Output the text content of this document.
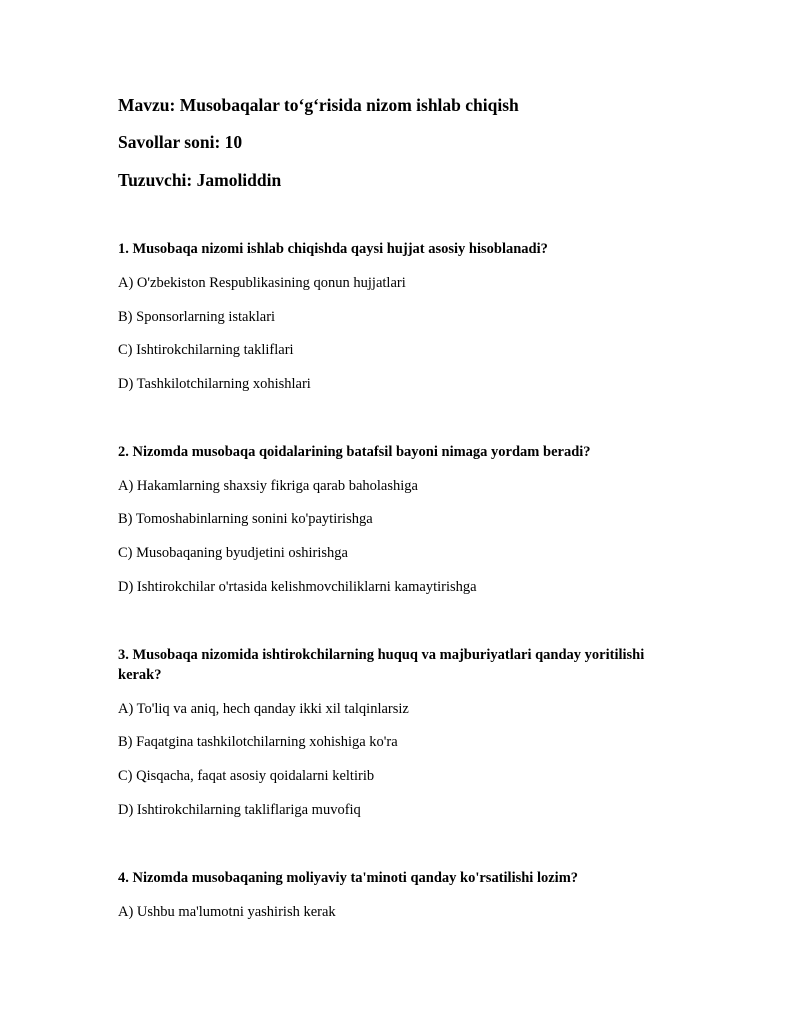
Mavzu: Musobaqalar to‘g‘risida nizom ishlab chiqish
Savollar soni: 10
Tuzuvchi: Jamoliddin
1. Musobaqa nizomi ishlab chiqishda qaysi hujjat asosiy hisoblanadi?
A) O'zbekiston Respublikasining qonun hujjatlari
B) Sponsorlarning istaklari
C) Ishtirokchilarning takliflari
D) Tashkilotchilarning xohishlari
2. Nizomda musobaqa qoidalarining batafsil bayoni nimaga yordam beradi?
A) Hakamlarning shaxsiy fikriga qarab baholashiga
B) Tomoshabinlarning sonini ko'paytirishga
C) Musobaqaning byudjetini oshirishga
D) Ishtirokchilar o'rtasida kelishmovchiliklarni kamaytirishga
3. Musobaqa nizomida ishtirokchilarning huquq va majburiyatlari qanday yoritilishi kerak?
A) To'liq va aniq, hech qanday ikki xil talqinlarsiz
B) Faqatgina tashkilotchilarning xohishiga ko'ra
C) Qisqacha, faqat asosiy qoidalarni keltirib
D) Ishtirokchilarning takliflariga muvofiq
4. Nizomda musobaqaning moliyaviy ta'minoti qanday ko'rsatilishi lozim?
A) Ushbu ma'lumotni yashirish kerak
